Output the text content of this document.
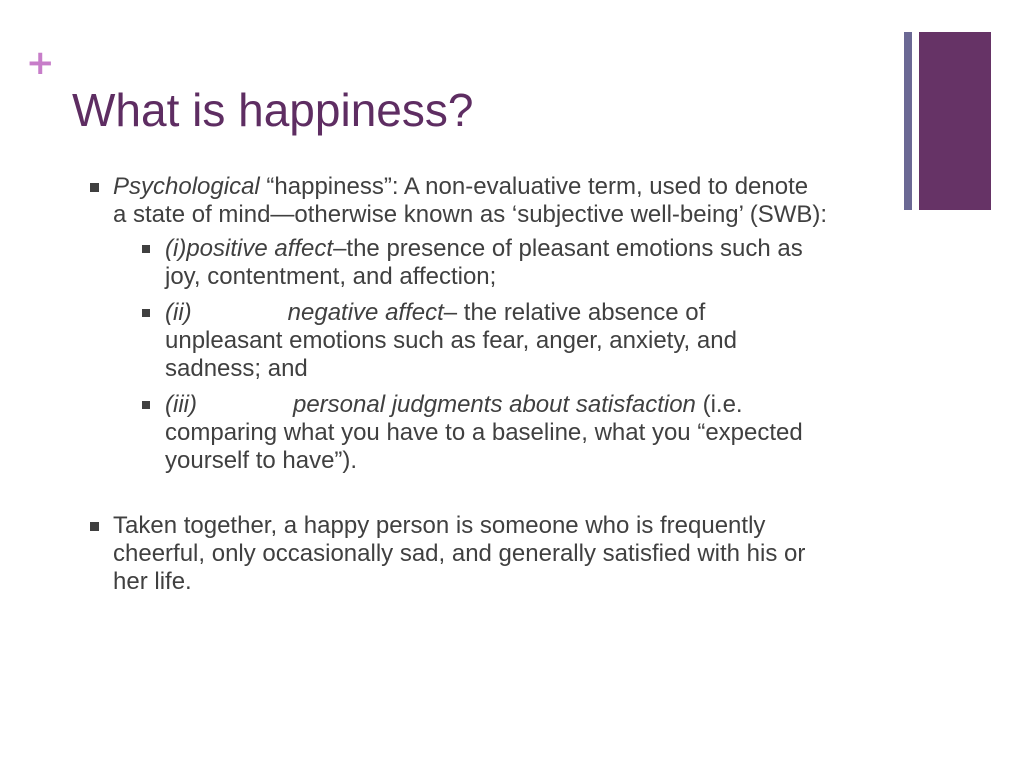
+
What is happiness?
Psychological “happiness”: A non-evaluative term, used to denote a state of mind—otherwise known as ‘subjective well-being’ (SWB):
(i)positive affect–the presence of pleasant emotions such as joy, contentment, and affection;
(ii)	negative affect– the relative absence of unpleasant emotions such as fear, anger, anxiety, and sadness; and
(iii)	personal judgments about satisfaction (i.e. comparing what you have to a baseline, what you “expected yourself to have”).
Taken together, a happy person is someone who is frequently cheerful, only occasionally sad, and generally satisfied with his or her life.
